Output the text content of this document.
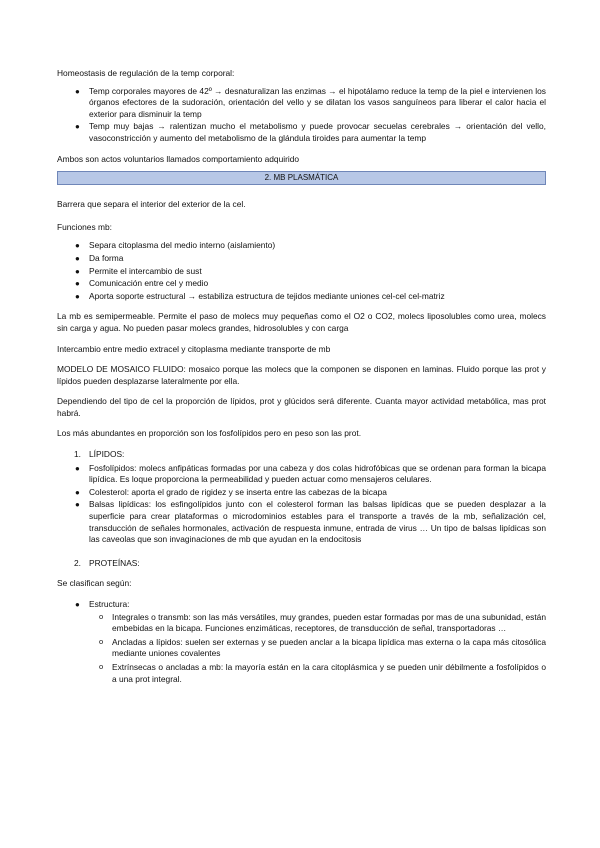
Homeostasis de regulación de la temp corporal:

● Temp corporales mayores de 42º → desnaturalizan las enzimas → el hipotálamo reduce la temp de la piel e intervienen los órganos efectores de la sudoración, orientación del vello y se dilatan los vasos sanguíneos para liberar el calor hacia el exterior para disminuir la temp
● Temp muy bajas → ralentizan mucho el metabolismo y puede provocar secuelas cerebrales → orientación del vello, vasoconstricción y aumento del metabolismo de la glándula tiroides para aumentar la temp

Ambos son actos voluntarios llamados comportamiento adquirido

2. MB PLASMÁTICA

Barrera que separa el interior del exterior de la cel.

Funciones mb:

● Separa citoplasma del medio interno (aislamiento)
● Da forma
● Permite el intercambio de sust
● Comunicación entre cel y medio
● Aporta soporte estructural → estabiliza estructura de tejidos mediante uniones cel-cel cel-matriz

La mb es semipermeable. Permite el paso de molecs muy pequeñas como el O2 o CO2, molecs liposolubles como urea, molecs sin carga y agua. No pueden pasar molecs grandes, hidrosolubles y con carga

Intercambio entre medio extracel y citoplasma mediante transporte de mb

MODELO DE MOSAICO FLUIDO: mosaico porque las molecs que la componen se disponen en laminas. Fluido porque las prot y lípidos pueden desplazarse lateralmente por ella.

Dependiendo del tipo de cel la proporción de lípidos, prot y glúcidos será diferente. Cuanta mayor actividad metabólica, mas prot habrá.

Los más abundantes en proporción son los fosfolípidos pero en peso son las prot.

1. LÍPIDOS:
● Fosfolípidos: molecs anfipáticas formadas por una cabeza y dos colas hidrofóbicas que se ordenan para forman la bicapa lipídica. Es loque proporciona la permeabilidad y pueden actuar como mensajeros celulares.
● Colesterol: aporta el grado de rigidez y se inserta entre las cabezas de la bicapa
● Balsas lipídicas: los esfingolípidos junto con el colesterol forman las balsas lipídicas que se pueden desplazar a la superficie para crear plataformas o microdominios estables para el transporte a través de la mb, señalización cel, transducción de señales hormonales, activación de respuesta inmune, entrada de virus … Un tipo de balsas lipídicas son las caveolas que son invaginaciones de mb que ayudan en la endocitosis
2. PROTEÍNAS:

Se clasifican según:

● Estructura:
o Integrales o transmb: son las más versátiles, muy grandes, pueden estar formadas por mas de una subunidad, están embebidas en la bicapa. Funciones enzimáticas, receptores, de transducción de señal, transportadoras …
o Ancladas a lípidos: suelen ser externas y se pueden anclar a la bicapa lipídica mas externa o la capa más citosólica mediante uniones covalentes
o Extrínsecas o ancladas a mb: la mayoría están en la cara citoplásmica y se pueden unir débilmente a fosfolípidos o a una prot integral.
